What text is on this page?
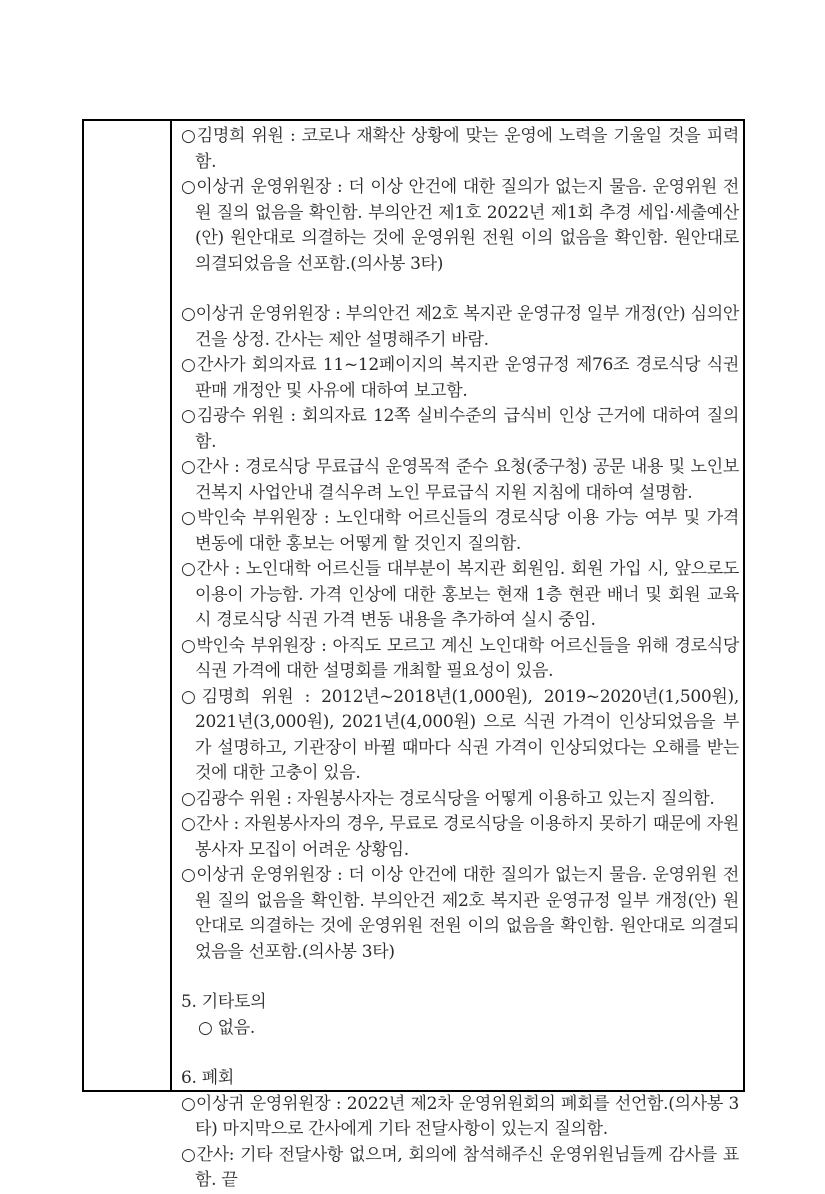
○김명희 위원 : 코로나 재확산 상황에 맞는 운영에 노력을 기울일 것을 피력함.

○이상귀 운영위원장 : 더 이상 안건에 대한 질의가 없는지 물음. 운영위원 전원 질의 없음을 확인함. 부의안건 제1호 2022년 제1회 추경 세입·세출예산(안) 원안대로 의결하는 것에 운영위원 전원 이의 없음을 확인함. 원안대로 의결되었음을 선포함.(의사봉 3타)

○이상귀 운영위원장 : 부의안건 제2호 복지관 운영규정 일부 개정(안) 심의안건을 상정. 간사는 제안 설명해주기 바람.

○간사가 회의자료 11~12페이지의 복지관 운영규정 제76조 경로식당 식권 판매 개정안 및 사유에 대하여 보고함.

○김광수 위원 : 회의자료 12쪽 실비수준의 급식비 인상 근거에 대하여 질의함.

○간사 : 경로식당 무료급식 운영목적 준수 요청(중구청) 공문 내용 및 노인보건복지 사업안내 결식우려 노인 무료급식 지원 지침에 대하여 설명함.

○박인숙 부위원장 : 노인대학 어르신들의 경로식당 이용 가능 여부 및 가격 변동에 대한 홍보는 어떻게 할 것인지 질의함.

○간사 : 노인대학 어르신들 대부분이 복지관 회원임. 회원 가입 시, 앞으로도 이용이 가능함. 가격 인상에 대한 홍보는 현재 1층 현관 배너 및 회원 교육 시 경로식당 식권 가격 변동 내용을 추가하여 실시 중임.

○박인숙 부위원장 : 아직도 모르고 계신 노인대학 어르신들을 위해 경로식당 식권 가격에 대한 설명회를 개최할 필요성이 있음.

○김명희 위원 : 2012년~2018년(1,000원), 2019~2020년(1,500원), 2021년(3,000원), 2021년(4,000원) 으로 식권 가격이 인상되었음을 부가 설명하고, 기관장이 바뀔 때마다 식권 가격이 인상되었다는 오해를 받는 것에 대한 고충이 있음.

○김광수 위원 : 자원봉사자는 경로식당을 어떻게 이용하고 있는지 질의함.

○간사 : 자원봉사자의 경우, 무료로 경로식당을 이용하지 못하기 때문에 자원봉사자 모집이 어려운 상황임.

○이상귀 운영위원장 : 더 이상 안건에 대한 질의가 없는지 물음. 운영위원 전원 질의 없음을 확인함. 부의안건 제2호 복지관 운영규정 일부 개정(안) 원안대로 의결하는 것에 운영위원 전원 이의 없음을 확인함. 원안대로 의결되었음을 선포함.(의사봉 3타)

5. 기타토의

○ 없음.

6. 폐회

○이상귀 운영위원장 : 2022년 제2차 운영위원회의 폐회를 선언함.(의사봉 3타) 마지막으로 간사에게 기타 전달사항이 있는지 질의함.

○간사: 기타 전달사항 없으며, 회의에 참석해주신 운영위원님들께 감사를 표함. 끝
